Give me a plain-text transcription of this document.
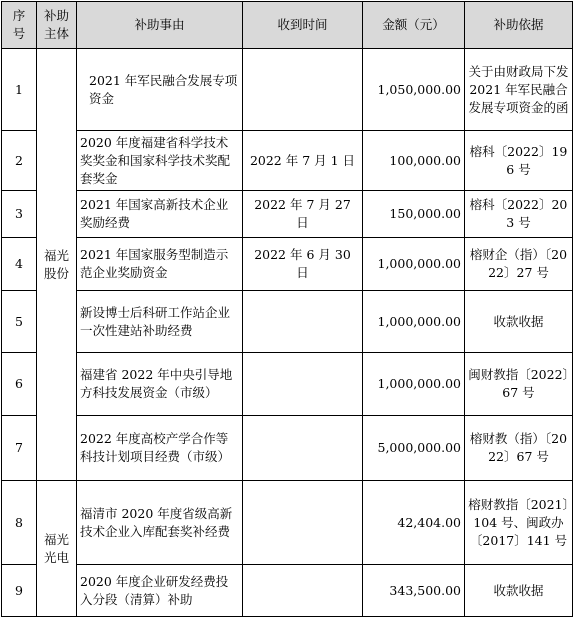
序号	补助主体	补助事由	收到时间	金额（元）	补助依据
1	福光股份	2021 年军民融合发展专项资金		1,050,000.00	关于由财政局下发 2021 年军民融合发展专项资金的函
2		2020 年度福建省科学技术奖奖金和国家科学技术奖配套奖金	2022 年 7 月 1 日	100,000.00	榕科〔2022〕196 号
3		2021 年国家高新技术企业奖励经费	2022 年 7 月 27 日	150,000.00	榕科〔2022〕203 号
4		2021 年国家服务型制造示范企业奖励资金	2022 年 6 月 30 日	1,000,000.00	榕财企（指）〔2022〕27 号
5		新设博士后科研工作站企业一次性建站补助经费		1,000,000.00	收款收据
6		福建省 2022 年中央引导地方科技发展资金（市级）		1,000,000.00	闽财教指〔2022〕67 号
7		2022 年度高校产学合作等科技计划项目经费（市级）		5,000,000.00	榕财教（指）〔2022〕67 号
8	福光光电	福清市 2020 年度省级高新技术企业入库配套奖补经费		42,404.00	榕财教指〔2021〕104 号、闽政办〔2017〕141 号
9		2020 年度企业研发经费投入分段（清算）补助		343,500.00	收款收据
